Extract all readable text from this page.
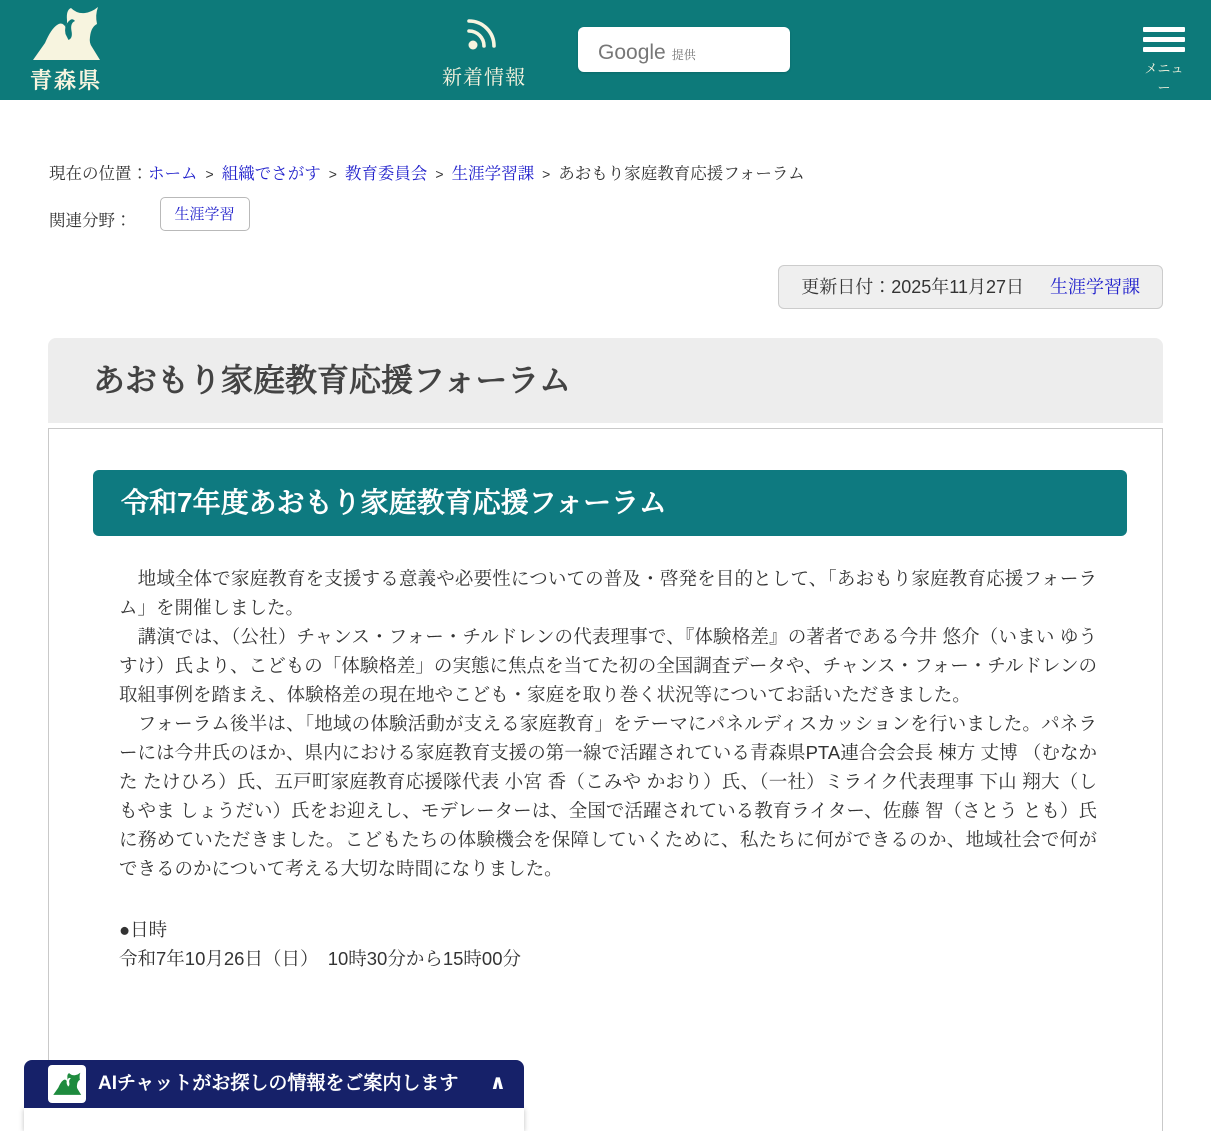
青森県	新着情報
Google 提供
メニュー
現在の位置：ホーム > 組織でさがす > 教育委員会 > 生涯学習課 > あおもり家庭教育応援フォーラム
関連分野：	生涯学習
更新日付：2025年11月27日 生涯学習課
あおもり家庭教育応援フォーラム
令和7年度あおもり家庭教育応援フォーラム

　地域全体で家庭教育を支援する意義や必要性についての普及・啓発を目的として、「あおもり家庭教育応援フォーラム」を開催しました。

　講演では、（公社）チャンス・フォー・チルドレンの代表理事で、『体験格差』の著者である今井 悠介（いまい ゆうすけ）氏より、こどもの「体験格差」の実態に焦点を当てた初の全国調査データや、チャンス・フォー・チルドレンの取組事例を踏まえ、体験格差の現在地やこども・家庭を取り巻く状況等についてお話いただきました。

　フォーラム後半は、「地域の体験活動が支える家庭教育」をテーマにパネルディスカッションを行いました。パネラーには今井氏のほか、県内における家庭教育支援の第一線で活躍されている青森県PTA連合会会長 棟方 丈博 （むなかた たけひろ）氏、五戸町家庭教育応援隊代表 小宮 香（こみや かおり）氏、（一社）ミライク代表理事 下山 翔大（しもやま しょうだい）氏をお迎えし、モデレーターは、全国で活躍されている教育ライター、佐藤 智（さとう とも）氏に務めていただきました。こどもたちの体験機会を保障していくために、私たちに何ができるのか、地域社会で何ができるのかについて考える大切な時間になりました。

●日時

令和7年10月26日（日）　10時30分から15時00分

AIチャットがお探しの情報をご案内します ∧
